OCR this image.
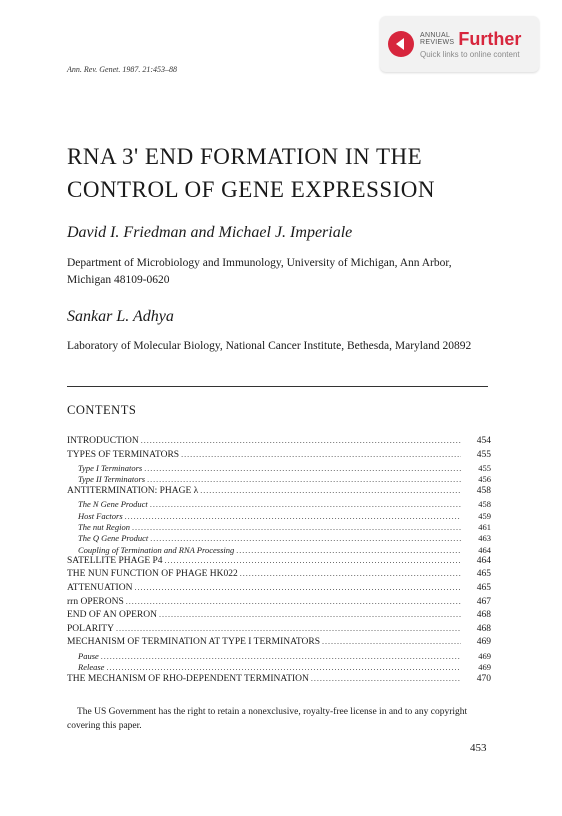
ANNUAL
REVIEWS Further
Quick links to online content
Ann. Rev. Genet. 1987. 21:453–88
RNA 3' END FORMATION IN THE CONTROL OF GENE EXPRESSION
David I. Friedman and Michael J. Imperiale
Department of Microbiology and Immunology, University of Michigan, Ann Arbor, Michigan 48109-0620
Sankar L. Adhya
Laboratory of Molecular Biology, National Cancer Institute, Bethesda, Maryland 20892
CONTENTS
INTRODUCTION .....	454
TYPES OF TERMINATORS .....	455
Type I Terminators .....	455
Type II Terminators .....	456
ANTITERMINATION: PHAGE λ .....	458
The N Gene Product .....	458
Host Factors .....	459
The nut Region .....	461
The Q Gene Product .....	463
Coupling of Termination and RNA Processing .....	464
SATELLITE PHAGE P4 .....	464
THE NUN FUNCTION OF PHAGE HK022 .....	465
ATTENUATION .....	465
rrn OPERONS .....	467
END OF AN OPERON .....	468
POLARITY .....	468
MECHANISM OF TERMINATION AT TYPE I TERMINATORS .....	469
Pause .....	469
Release .....	469
THE MECHANISM OF RHO-DEPENDENT TERMINATION .....	470
The US Government has the right to retain a nonexclusive, royalty-free license in and to any copyright covering this paper.
453
